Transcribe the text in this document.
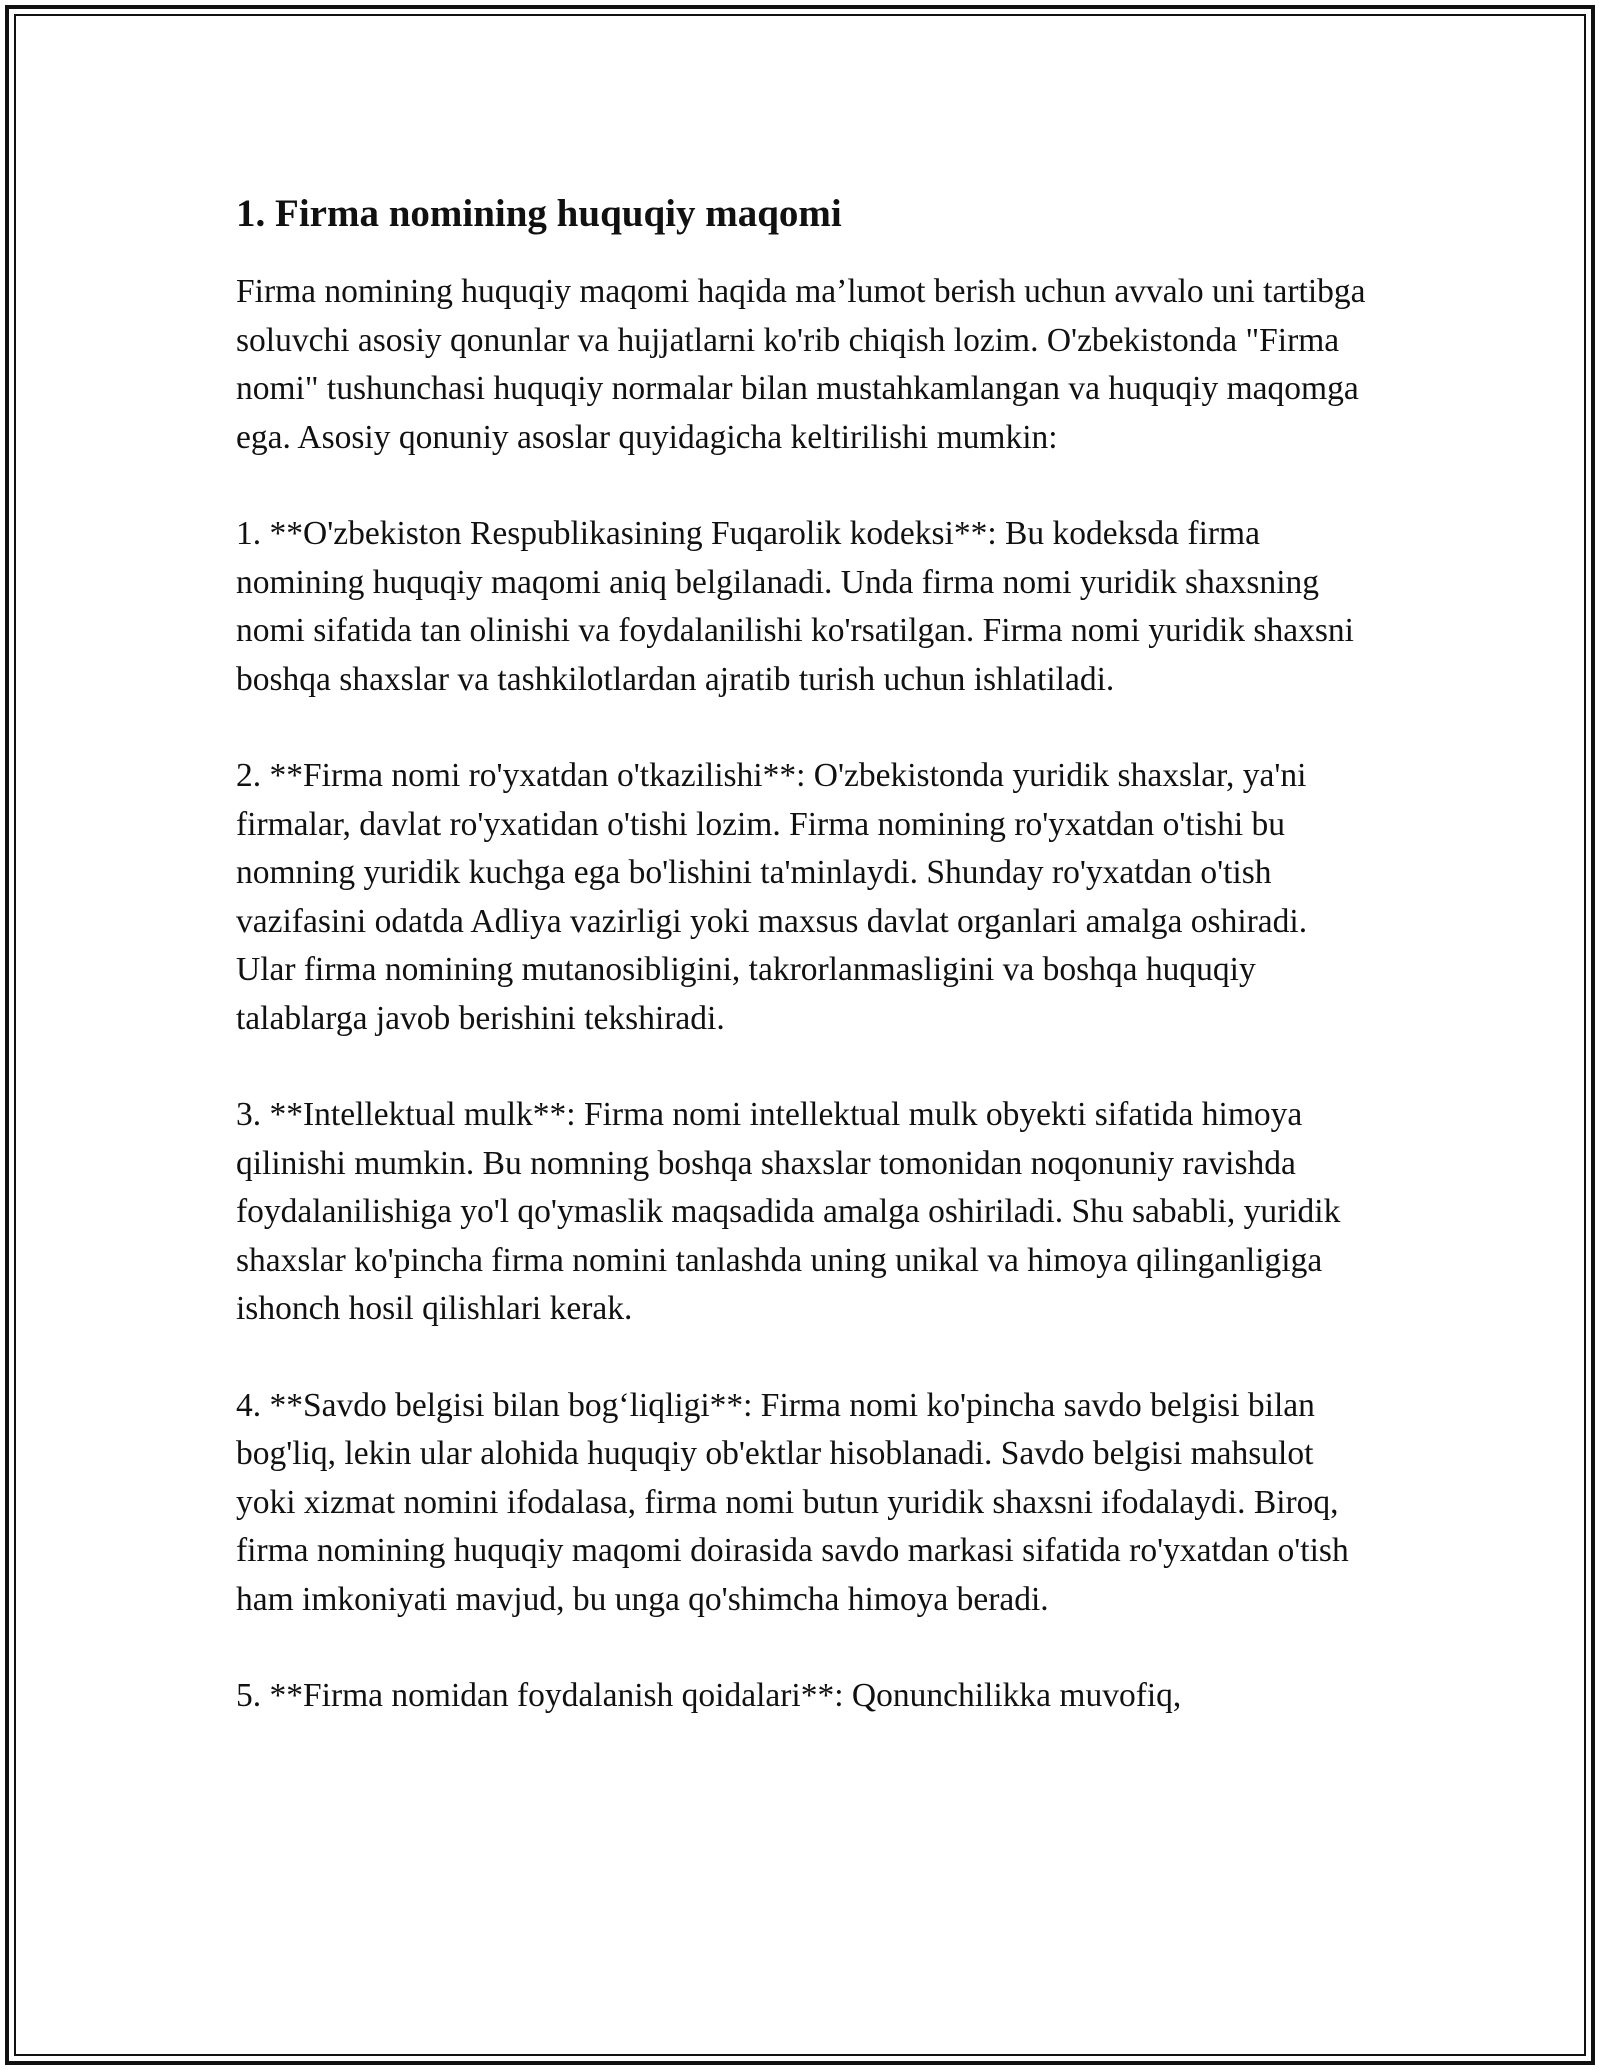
1. Firma nomining huquqiy maqomi

Firma nomining huquqiy maqomi haqida ma’lumot berish uchun avvalo uni tartibga soluvchi asosiy qonunlar va hujjatlarni ko'rib chiqish lozim. O'zbekistonda "Firma nomi" tushunchasi huquqiy normalar bilan mustahkamlangan va huquqiy maqomga ega. Asosiy qonuniy asoslar quyidagicha keltirilishi mumkin:

1. **O'zbekiston Respublikasining Fuqarolik kodeksi**: Bu kodeksda firma nomining huquqiy maqomi aniq belgilanadi. Unda firma nomi yuridik shaxsning nomi sifatida tan olinishi va foydalanilishi ko'rsatilgan. Firma nomi yuridik shaxsni boshqa shaxslar va tashkilotlardan ajratib turish uchun ishlatiladi.

2. **Firma nomi ro'yxatdan o'tkazilishi**: O'zbekistonda yuridik shaxslar, ya'ni firmalar, davlat ro'yxatidan o'tishi lozim. Firma nomining ro'yxatdan o'tishi bu nomning yuridik kuchga ega bo'lishini ta'minlaydi. Shunday ro'yxatdan o'tish vazifasini odatda Adliya vazirligi yoki maxsus davlat organlari amalga oshiradi. Ular firma nomining mutanosibligini, takrorlanmasligini va boshqa huquqiy talablarga javob berishini tekshiradi.

3. **Intellektual mulk**: Firma nomi intellektual mulk obyekti sifatida himoya qilinishi mumkin. Bu nomning boshqa shaxslar tomonidan noqonuniy ravishda foydalanilishiga yo'l qo'ymaslik maqsadida amalga oshiriladi. Shu sababli, yuridik shaxslar ko'pincha firma nomini tanlashda uning unikal va himoya qilinganligiga ishonch hosil qilishlari kerak.

4. **Savdo belgisi bilan bog‘liqligi**: Firma nomi ko'pincha savdo belgisi bilan bog'liq, lekin ular alohida huquqiy ob'ektlar hisoblanadi. Savdo belgisi mahsulot yoki xizmat nomini ifodalasa, firma nomi butun yuridik shaxsni ifodalaydi. Biroq, firma nomining huquqiy maqomi doirasida savdo markasi sifatida ro'yxatdan o'tish ham imkoniyati mavjud, bu unga qo'shimcha himoya beradi.

5. **Firma nomidan foydalanish qoidalari**: Qonunchilikka muvofiq,
